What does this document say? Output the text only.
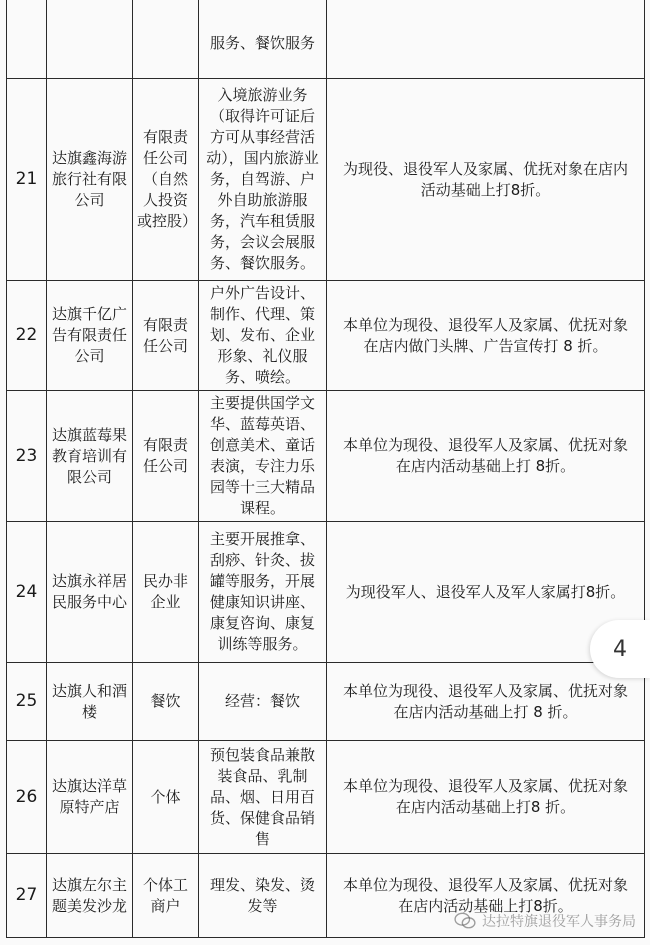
			服务、餐饮服务	
21	达旗鑫海游旅行社有限公司	有限责任公司（自然人投资或控股）	入境旅游业务（取得许可证后方可从事经营活动），国内旅游业务，自驾游、户外自助旅游服务，汽车租赁服务，会议会展服务、餐饮服务。	为现役、退役军人及家属、优抚对象在店内活动基础上打8折。
22	达旗千亿广告有限责任公司	有限责任公司	户外广告设计、制作、代理、策划、发布、企业形象、礼仪服务、喷绘。	本单位为现役、退役军人及家属、优抚对象在店内做门头牌、广告宣传打 8 折。
23	达旗蓝莓果教育培训有限公司	有限责任公司	主要提供国学文华、蓝莓英语、创意美术、童话表演，专注力乐园等十三大精品课程。	本单位为现役、退役军人及家属、优抚对象在店内活动基础上打 8折。
24	达旗永祥居民服务中心	民办非企业	主要开展推拿、刮痧、针灸、拔罐等服务，开展健康知识讲座、康复咨询、康复训练等服务。	为现役军人、退役军人及军人家属打8折。
25	达旗人和酒楼	餐饮	经营：餐饮	本单位为现役、退役军人及家属、优抚对象在店内活动基础上打 8 折。
26	达旗达洋草原特产店	个体	预包装食品兼散装食品、乳制品、烟、日用百货、保健食品销售	本单位为现役、退役军人及家属、优抚对象在店内活动基础上打8 折。
27	达旗左尔主题美发沙龙	个体工商户	理发、染发、烫发等	本单位为现役、退役军人及家属、优抚对象在店内活动基础上打8折。
4
达拉特旗退役军人事务局
